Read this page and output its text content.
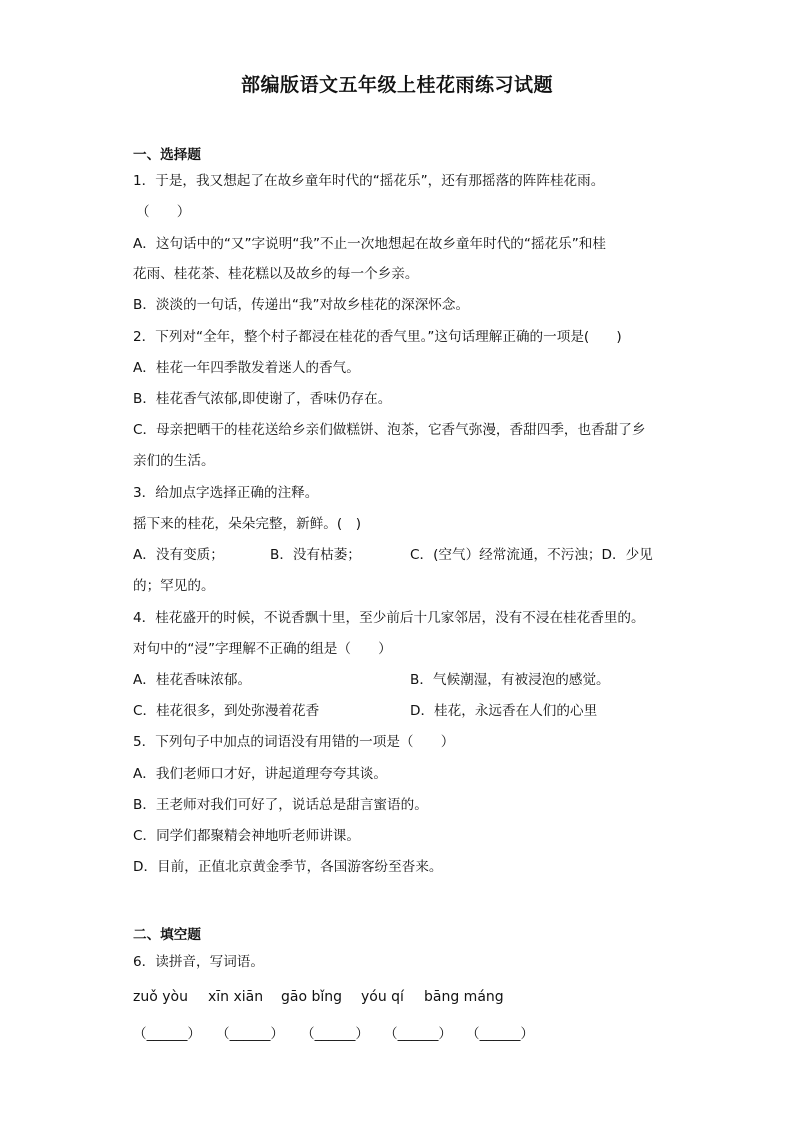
部编版语文五年级上桂花雨练习试题
一、选择题
1．于是，我又想起了在故乡童年时代的“摇花乐”，还有那摇落的阵阵桂花雨。
（　　）
A．这句话中的“又”字说明“我”不止一次地想起在故乡童年时代的“摇花乐”和桂
花雨、桂花茶、桂花糕以及故乡的每一个乡亲。
B．淡淡的一句话，传递出“我”对故乡桂花的深深怀念。
2．下列对“全年，整个村子都浸在桂花的香气里。”这句话理解正确的一项是(　　)
A．桂花一年四季散发着迷人的香气。
B．桂花香气浓郁,即使谢了，香味仍存在。
C．母亲把晒干的桂花送给乡亲们做糕饼、泡茶，它香气弥漫，香甜四季，也香甜了乡
亲们的生活。
3．给加点字选择正确的注释。
摇下来的桂花，朵朵完整，新鲜。(　)
A．没有变质；	B．没有枯萎；	C．(空气）经常流通，不污浊；D．少见
的；罕见的。
4．桂花盛开的时候，不说香飘十里，至少前后十几家邻居，没有不浸在桂花香里的。
对句中的“浸”字理解不正确的组是（　　）
A．桂花香味浓郁。	B．气候潮湿，有被浸泡的感觉。
C．桂花很多，到处弥漫着花香	D．桂花，永远香在人们的心里
5．下列句子中加点的词语没有用错的一项是（　　）
A．我们老师口才好，讲起道理夸夸其谈。
B．王老师对我们可好了，说话总是甜言蜜语的。
C．同学们都聚精会神地听老师讲课。
D．目前，正值北京黄金季节，各国游客纷至沓来。
二、填空题
6．读拼音，写词语。
zuǒ yòu xīn xiān gāo bǐng yóu qí bāng máng
（______） （______） （______） （______） （______）
